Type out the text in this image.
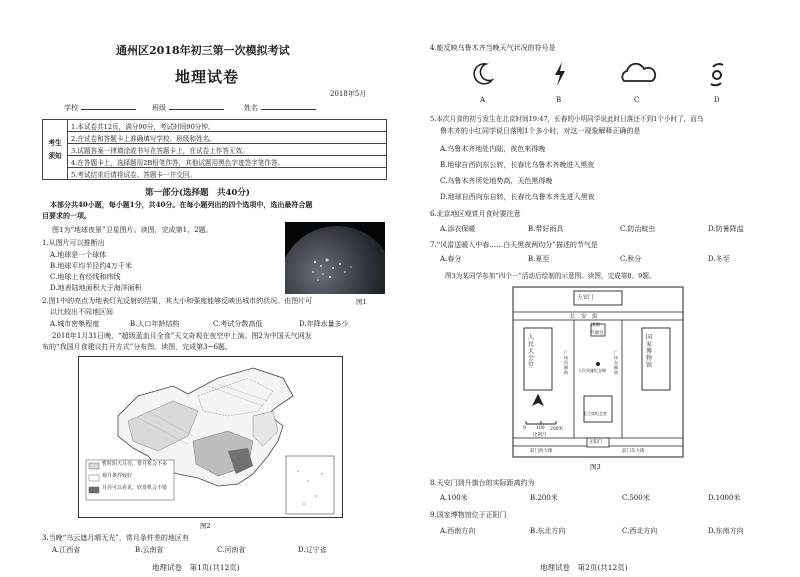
通州区2018年初三第一次模拟考试
地理试卷
2018年5月
学校	班级	姓名
考生须知	1.本试卷共12页，满分90分，考试时间90分钟。
2.在试卷和答题卡上准确填写学校、班级和姓名。
3.试题答案一律填涂或书写在答题卡上，在试卷上作答无效。
4.在答题卡上，选择题用2B铅笔作答，其他试题用黑色字迹签字笔作答。
5.考试结束后请将试卷、答题卡一并交回。
第一部分(选择题　共40分)
本部分共40小题，每小题1分，共40分。在每小题列出的四个选项中，选出最符合题
目要求的一项。
图1为“地球夜景”卫星图片。读图，完成第1、2题。
1.从图片可以推断出
A.地球是一个球体
B.地球平均半径约4万千米
C.地球上有经线和纬线
D.地表陆地面积大于海洋面积
图1
2.图1中的亮点为地表灯光反射的结果，其大小和强度能够反映出城市的状况。由图片可
以比较出不同地区间
A.城市密集程度	B.人口年龄结构	C.考试分数高低	D.年降水量多少
2018年1月31日晚，“超级蓝血月全食”天文奇观在夜空中上演。图2为中国天气网发
布的“我国月食建议打开方式”分布图。读图，完成第3~6题。
暂时阴天月亮，赏月机会不多
观月条件较好
月亮可以看见，欣赏机会不错
图2
3.当晚“乌云遮月晴无光”，赏月条件差的地区有
A.江西省	B.云南省	C.河南省	D.辽宁省
地理试卷　第1页(共12页)
4.能反映乌鲁木齐当晚天气状况的符号是
A	B	C	D
5.本次月食的初亏发生在北京时间19:47，长春的小明同学说此时日落还不到1个小时了，而乌
鲁木齐的小红同学说日落刚1个多小时，对这一现象解释正确的是
A.乌鲁木齐地处内陆，夜色来得晚
B.地球自西向东公转，长春比乌鲁木齐晚进入黑夜
C.乌鲁木齐所处地势高，天色黑得晚
D.地球自西向东自转，长春比乌鲁木齐先进入黑夜
6.北京地区观赏月食时要注意
A.添衣保暖	B.带好雨具	C.防治蚊虫	D.防暑降温
7.“风雷送暖入中春……白天黑夜两均分”描述的节气是
A.春分	B.夏至	C.秋分	D.冬至
图3为某同学参加“四个一”活动后绘制的示意图。读图，完成第8、9题。
天安门
长　安　街
国旗
升旗台
人民大会堂
国家博物馆
人民英雄纪念碑
毛主席纪念堂
广场西侧路
广场东侧路
北
0 100 200米
比例尺
正阳门
前门西大街	前门东大街
图3
8.天安门到升旗台的实际距离约为
A.100米	B.200米	C.500米	D.1000米
9.国家博物馆位于正阳门
A.西南方向	B.东北方向	C.西北方向	D.东南方向
地理试卷　第2页(共12页)
